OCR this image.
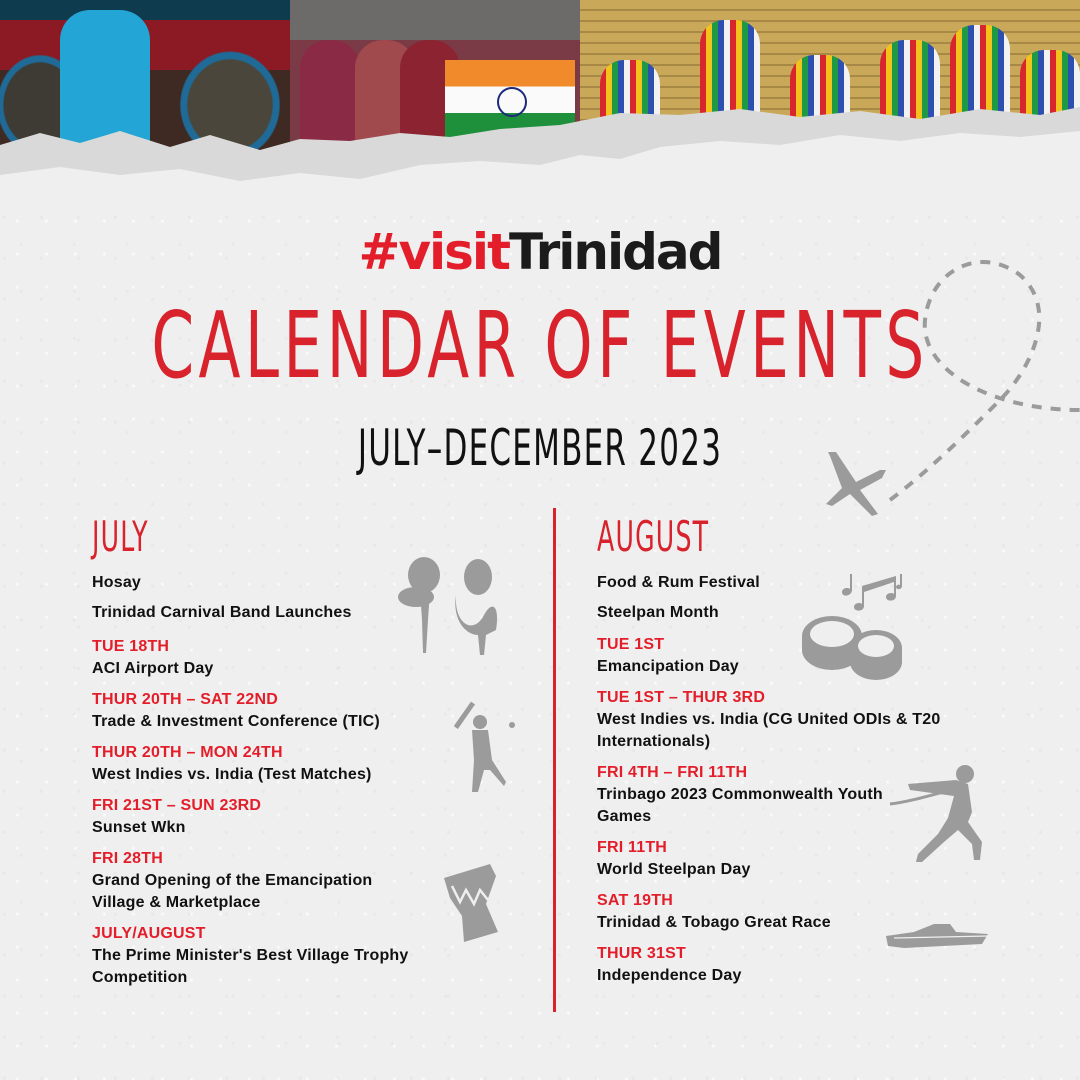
#visitTrinidad
CALENDAR OF EVENTS
JULY–DECEMBER 2023
JULY
Hosay
Trinidad Carnival Band Launches
TUE 18TH
ACI Airport Day
THUR 20TH – SAT 22ND
Trade & Investment Conference (TIC)
THUR 20TH – MON 24TH
West Indies vs. India (Test Matches)
FRI 21ST – SUN 23RD
Sunset Wkn
FRI 28TH
Grand Opening of the Emancipation Village & Marketplace
JULY/AUGUST
The Prime Minister's Best Village Trophy Competition
AUGUST
Food & Rum Festival
Steelpan Month
TUE 1ST
Emancipation Day
TUE 1ST – THUR 3RD
West Indies vs. India (CG United ODIs & T20 Internationals)
FRI 4TH – FRI 11TH
Trinbago 2023 Commonwealth Youth Games
FRI 11TH
World Steelpan Day
SAT 19TH
Trinidad & Tobago Great Race
THUR 31ST
Independence Day
